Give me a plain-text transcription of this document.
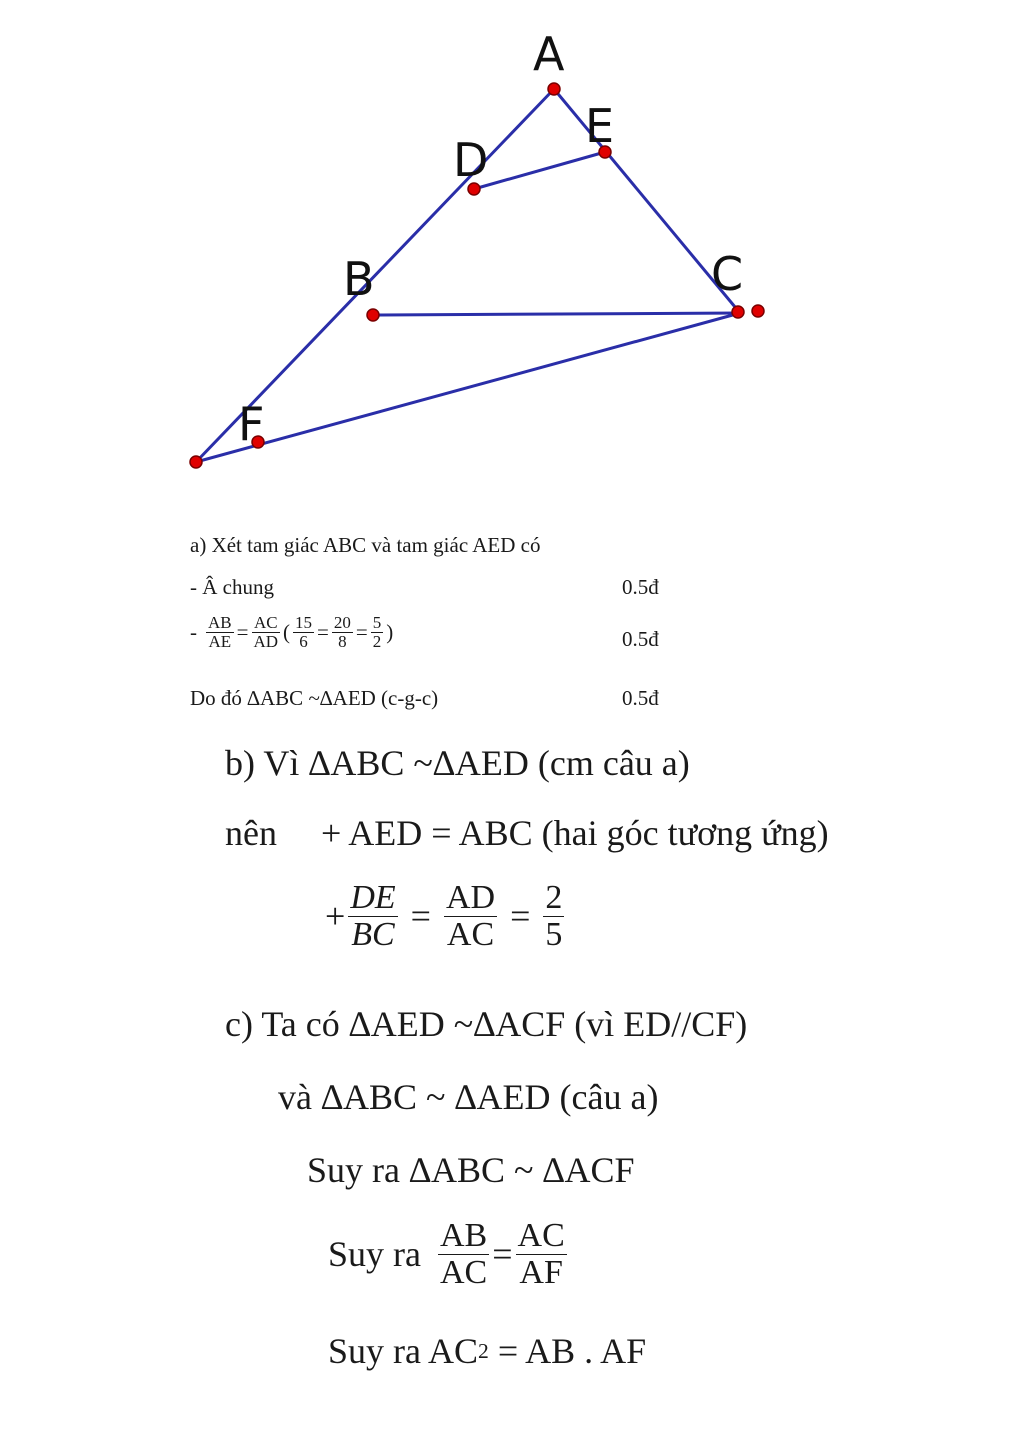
A
E
D
B	C
F
a) Xét tam giác ABC và tam giác AED có
- Â chung	0.5đ
- $\frac{AB}{AE} = \frac{AC}{AD}$ ( $\frac{15}{6} = \frac{20}{8} = \frac{5}{2}$ )	0.5đ
Do đó ∆ABC ~∆AED (c-g-c)	0.5đ
b) Vì ∆ABC ~∆AED (cm câu a)
nên + AED = ABC (hai góc tương ứng)
+ $\frac{DE}{BC} = \frac{AD}{AC} = \frac{2}{5}$
c) Ta có ∆AED ~∆ACF (vì ED//CF)
và ∆ABC ~ ∆AED (câu a)
Suy ra ∆ABC ~ ∆ACF
Suy ra $\frac{AB}{AC} = \frac{AC}{AF}$
Suy ra AC 2 = AB . AF
